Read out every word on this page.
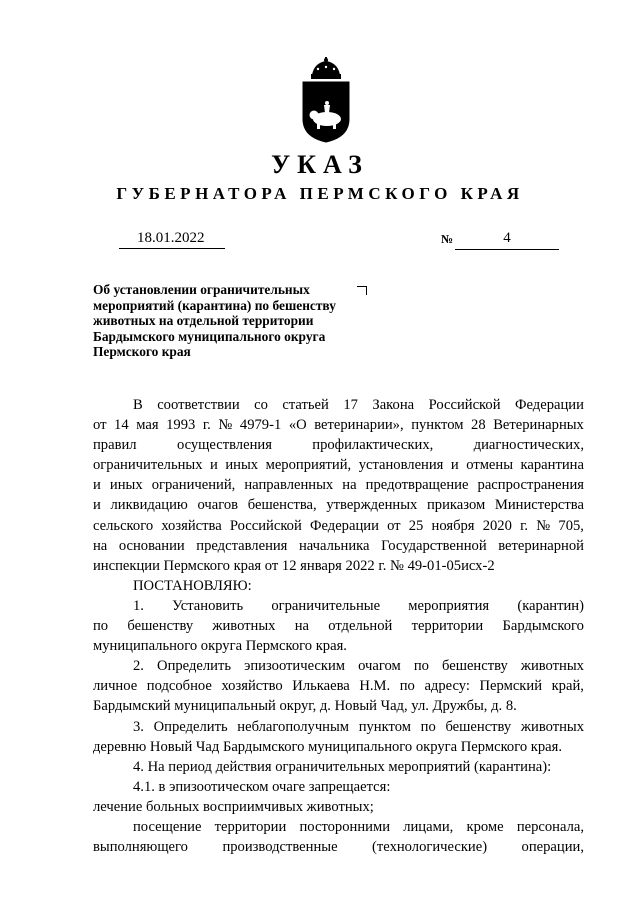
УКАЗ
ГУБЕРНАТОРА ПЕРМСКОГО КРАЯ
18.01.2022	№	4
Об установлении ограничительных
мероприятий (карантина) по бешенству
животных на отдельной территории
Бардымского муниципального округа
Пермского края
В соответствии со статьей 17 Закона Российской Федерации
от 14 мая 1993 г. № 4979-1 «О ветеринарии», пунктом 28 Ветеринарных
правил	осуществления	профилактических,	диагностических,
ограничительных и иных мероприятий, установления и отмены карантина
и иных ограничений, направленных на предотвращение распространения
и ликвидацию очагов бешенства, утвержденных приказом Министерства
сельского хозяйства Российской Федерации от 25 ноября 2020 г. № 705,
на основании представления начальника Государственной ветеринарной
инспекции Пермского края от 12 января 2022 г. № 49-01-05исх-2
ПОСТАНОВЛЯЮ:
1. Установить ограничительные мероприятия (карантин)
по бешенству животных на отдельной территории Бардымского
муниципального округа Пермского края.
2. Определить эпизоотическим очагом по бешенству животных
личное подсобное хозяйство Илькаева Н.М. по адресу: Пермский край,
Бардымский муниципальный округ, д. Новый Чад, ул. Дружбы, д. 8.
3. Определить неблагополучным пунктом по бешенству животных
деревню Новый Чад Бардымского муниципального округа Пермского края.
4. На период действия ограничительных мероприятий (карантина):
4.1. в эпизоотическом очаге запрещается:
лечение больных восприимчивых животных;
посещение территории посторонними лицами, кроме персонала,
выполняющего производственные (технологические) операции,
